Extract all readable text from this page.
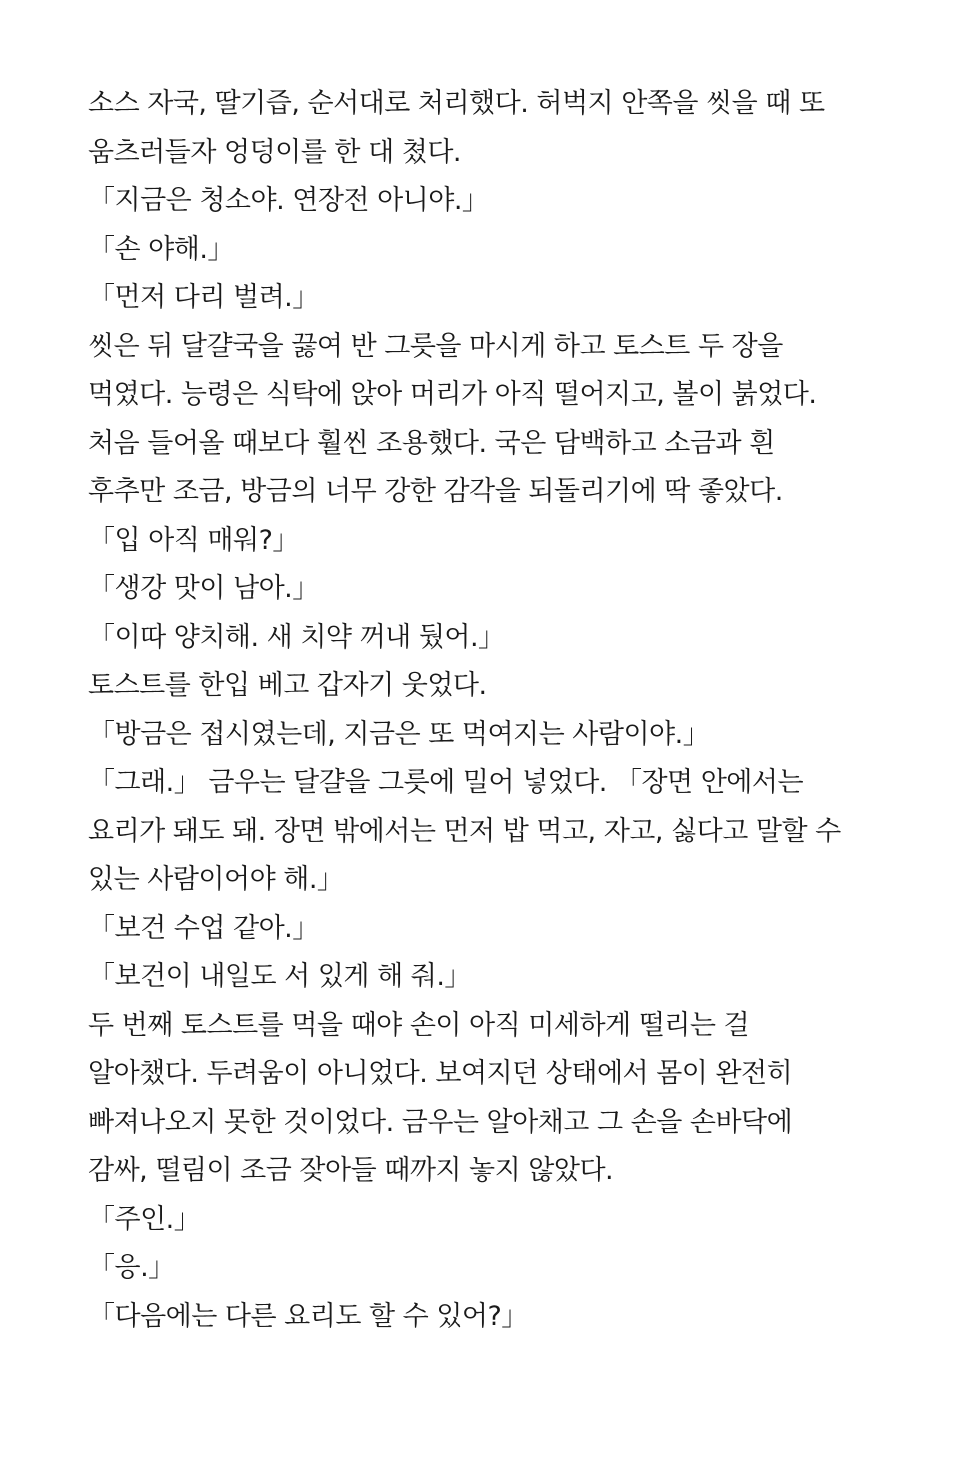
소스 자국, 딸기즙, 순서대로 처리했다. 허벅지 안쪽을 씻을 때 또
움츠러들자 엉덩이를 한 대 쳤다.
「지금은 청소야. 연장전 아니야.」
「손 야해.」
「먼저 다리 벌려.」
씻은 뒤 달걀국을 끓여 반 그릇을 마시게 하고 토스트 두 장을
먹였다. 능령은 식탁에 앉아 머리가 아직 떨어지고, 볼이 붉었다.
처음 들어올 때보다 훨씬 조용했다. 국은 담백하고 소금과 흰
후추만 조금, 방금의 너무 강한 감각을 되돌리기에 딱 좋았다.
「입 아직 매워?」
「생강 맛이 남아.」
「이따 양치해. 새 치약 꺼내 뒀어.」
토스트를 한입 베고 갑자기 웃었다.
「방금은 접시였는데, 지금은 또 먹여지는 사람이야.」
「그래.」 금우는 달걀을 그릇에 밀어 넣었다. 「장면 안에서는
요리가 돼도 돼. 장면 밖에서는 먼저 밥 먹고, 자고, 싫다고 말할 수
있는 사람이어야 해.」
「보건 수업 같아.」
「보건이 내일도 서 있게 해 줘.」
두 번째 토스트를 먹을 때야 손이 아직 미세하게 떨리는 걸
알아챘다. 두려움이 아니었다. 보여지던 상태에서 몸이 완전히
빠져나오지 못한 것이었다. 금우는 알아채고 그 손을 손바닥에
감싸, 떨림이 조금 잦아들 때까지 놓지 않았다.
「주인.」
「응.」
「다음에는 다른 요리도 할 수 있어?」
